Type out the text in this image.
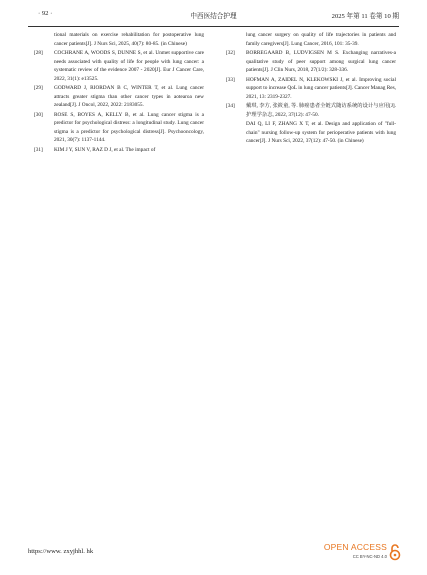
· 92 ·	中西医结合护理	2025 年第 11 卷第 10 期
tional materials on exercise rehabilitation for postoperative lung cancer patients[J]. J Nurs Sci, 2025, 40(7): 80-85. (in Chinese)
[28] COCHRANE A, WOODS S, DUNNE S, et al. Unmet supportive care needs associated with quality of life for people with lung cancer: a systematic review of the evidence 2007 - 2020[J]. Eur J Cancer Care, 2022, 31(1): e13525.
[29] GODWARD J, RIORDAN B C, WINTER T, et al. Lung cancer attracts greater stigma than other cancer types in aotearoa new zealand[J]. J Oncol, 2022, 2022: 2183055.
[30] ROSE S, BOYES A, KELLY B, et al. Lung cancer stigma is a predictor for psychological distress: a longitudinal study. Lung cancer stigma is a predictor for psychological distress[J]. Psychooncology, 2021, 30(7): 1137-1144.
[31] KIM J Y, SUN V, RAZ D J, et al. The impact of
lung cancer surgery on quality of life trajectories in patients and family caregivers[J]. Lung Cancer, 2016, 101: 35-39.
[32] BORREGAARD B, LUDVIGSEN M S. Exchanging narratives-a qualitative study of peer support among surgical lung cancer patients[J]. J Clin Nurs, 2018, 27(1/2): 328-336.
[33] HOFMAN A, ZAIDEL N, KLEKOWSKI J, et al. Improving social support to increase QoL in lung cancer patients[J]. Cancer Manag Res, 2021, 13: 2319-2327.
[34] 戴琪, 李方, 张筱童, 等. 肺癌患者全链式随访系统的设计与应用[J]. 护理学杂志, 2022, 37(12): 47-50.
DAI Q, LI F, ZHANG X T, et al. Design and application of "full-chain" nursing follow-up system for perioperative patients with lung cancer[J]. J Nurs Sci, 2022, 37(12): 47-50. (in Chinese)
https://www. zxyjhhl. hk	OPEN ACCESS
CC BY-NC-ND 4.0
